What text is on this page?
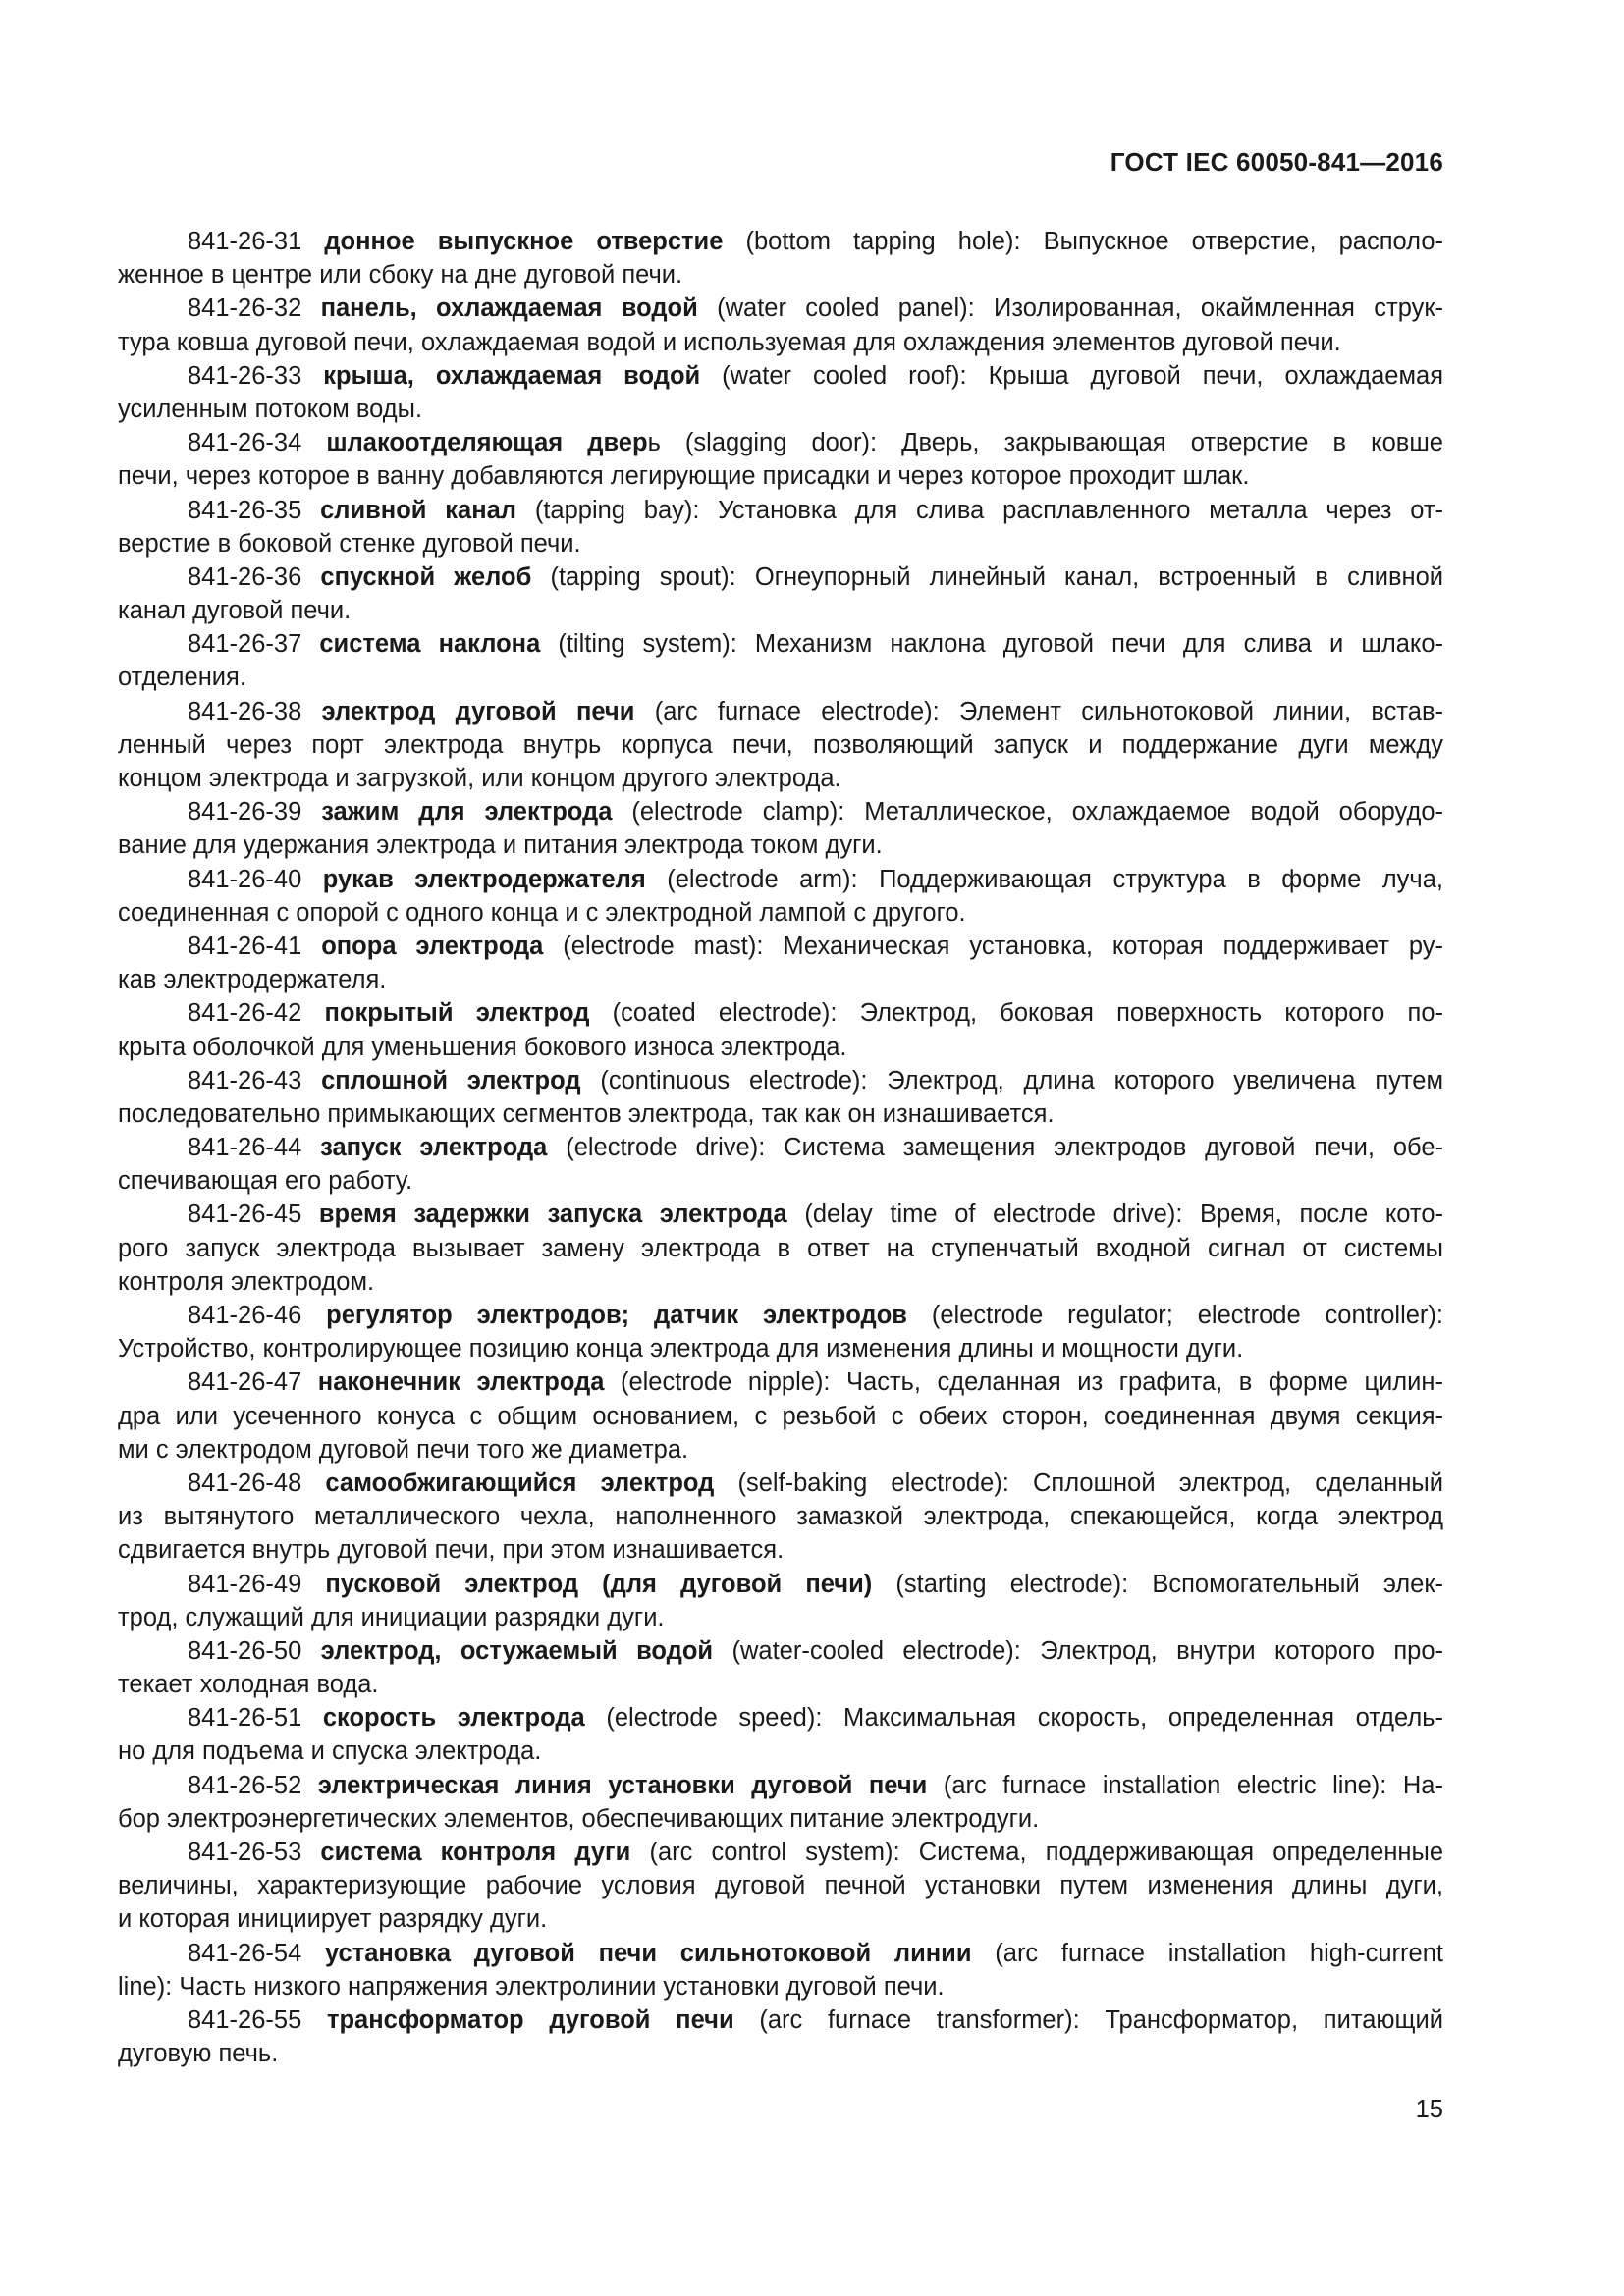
ГОСТ IEC 60050-841—2016
841-26-31 донное выпускное отверстие (bottom tapping hole): Выпускное отверстие, располо-
женное в центре или сбоку на дне дуговой печи.
841-26-32 панель, охлаждаемая водой (water cooled panel): Изолированная, окаймленная струк-
тура ковша дуговой печи, охлаждаемая водой и используемая для охлаждения элементов дуговой печи.
841-26-33 крыша, охлаждаемая водой (water cooled roof): Крыша дуговой печи, охлаждаемая
усиленным потоком воды.
841-26-34 шлакоотделяющая дверь (slagging door): Дверь, закрывающая отверстие в ковше
печи, через которое в ванну добавляются легирующие присадки и через которое проходит шлак.
841-26-35 сливной канал (tapping bay): Установка для слива расплавленного металла через от-
верстие в боковой стенке дуговой печи.
841-26-36 спускной желоб (tapping spout): Огнеупорный линейный канал, встроенный в сливной
канал дуговой печи.
841-26-37 система наклона (tilting system): Механизм наклона дуговой печи для слива и шлако-
отделения.
841-26-38 электрод дуговой печи (arc furnace electrode): Элемент сильнотоковой линии, встав-
ленный через порт электрода внутрь корпуса печи, позволяющий запуск и поддержание дуги между
концом электрода и загрузкой, или концом другого электрода.
841-26-39 зажим для электрода (electrode clamp): Металлическое, охлаждаемое водой оборудо-
вание для удержания электрода и питания электрода током дуги.
841-26-40 рукав электродержателя (electrode arm): Поддерживающая структура в форме луча,
соединенная с опорой с одного конца и с электродной лампой с другого.
841-26-41 опора электрода (electrode mast): Механическая установка, которая поддерживает ру-
кав электродержателя.
841-26-42 покрытый электрод (coated electrode): Электрод, боковая поверхность которого по-
крыта оболочкой для уменьшения бокового износа электрода.
841-26-43 сплошной электрод (continuous electrode): Электрод, длина которого увеличена путем
последовательно примыкающих сегментов электрода, так как он изнашивается.
841-26-44 запуск электрода (electrode drive): Система замещения электродов дуговой печи, обе-
спечивающая его работу.
841-26-45 время задержки запуска электрода (delay time of electrode drive): Время, после кото-
рого запуск электрода вызывает замену электрода в ответ на ступенчатый входной сигнал от системы
контроля электродом.
841-26-46 регулятор электродов; датчик электродов (electrode regulator; electrode controller):
Устройство, контролирующее позицию конца электрода для изменения длины и мощности дуги.
841-26-47 наконечник электрода (electrode nipple): Часть, сделанная из графита, в форме цилин-
дра или усеченного конуса с общим основанием, с резьбой с обеих сторон, соединенная двумя секция-
ми с электродом дуговой печи того же диаметра.
841-26-48 самообжигающийся электрод (self-baking electrode): Сплошной электрод, сделанный
из вытянутого металлического чехла, наполненного замазкой электрода, спекающейся, когда электрод
сдвигается внутрь дуговой печи, при этом изнашивается.
841-26-49 пусковой электрод (для дуговой печи) (starting electrode): Вспомогательный элек-
трод, служащий для инициации разрядки дуги.
841-26-50 электрод, остужаемый водой (water-cooled electrode): Электрод, внутри которого про-
текает холодная вода.
841-26-51 скорость электрода (electrode speed): Максимальная скорость, определенная отдель-
но для подъема и спуска электрода.
841-26-52 электрическая линия установки дуговой печи (arc furnace installation electric line): На-
бор электроэнергетических элементов, обеспечивающих питание электродуги.
841-26-53 система контроля дуги (arc control system): Система, поддерживающая определенные
величины, характеризующие рабочие условия дуговой печной установки путем изменения длины дуги,
и которая инициирует разрядку дуги.
841-26-54 установка дуговой печи сильнотоковой линии (arc furnace installation high-current
line): Часть низкого напряжения электролинии установки дуговой печи.
841-26-55 трансформатор дуговой печи (arc furnace transformer): Трансформатор, питающий
дуговую печь.
15
